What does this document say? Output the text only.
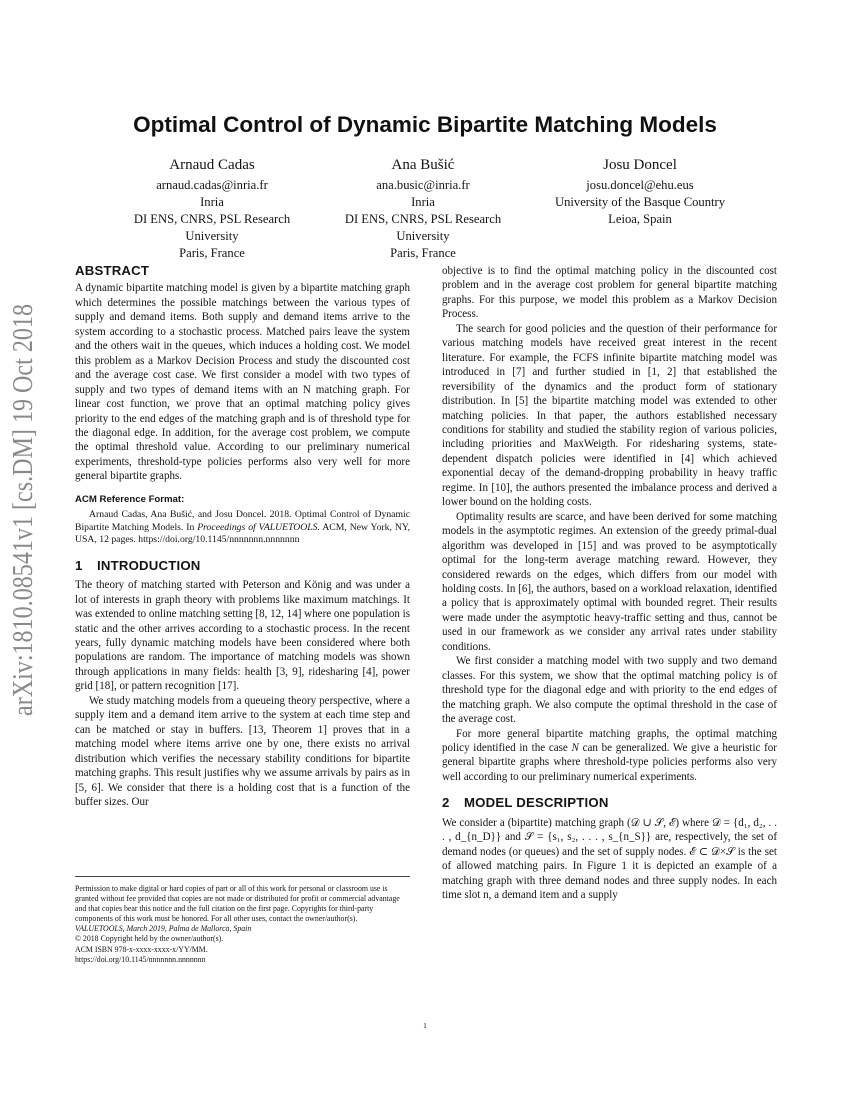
arXiv:1810.08541v1 [cs.DM] 19 Oct 2018
Optimal Control of Dynamic Bipartite Matching Models
Arnaud Cadas
arnaud.cadas@inria.fr
Inria
DI ENS, CNRS, PSL Research
University
Paris, France
Ana Bušić
ana.busic@inria.fr
Inria
DI ENS, CNRS, PSL Research
University
Paris, France
Josu Doncel
josu.doncel@ehu.eus
University of the Basque Country
Leioa, Spain
ABSTRACT

A dynamic bipartite matching model is given by a bipartite matching graph which determines the possible matchings between the various types of supply and demand items. Both supply and demand items arrive to the system according to a stochastic process. Matched pairs leave the system and the others wait in the queues, which induces a holding cost. We model this problem as a Markov Decision Process and study the discounted cost and the average cost case. We first consider a model with two types of supply and two types of demand items with an N matching graph. For linear cost function, we prove that an optimal matching policy gives priority to the end edges of the matching graph and is of threshold type for the diagonal edge. In addition, for the average cost problem, we compute the optimal threshold value. According to our preliminary numerical experiments, threshold-type policies performs also very well for more general bipartite graphs.

ACM Reference Format:

Arnaud Cadas, Ana Bušić, and Josu Doncel. 2018. Optimal Control of Dynamic Bipartite Matching Models. In Proceedings of VALUETOOLS. ACM, New York, NY, USA, 12 pages. https://doi.org/10.1145/nnnnnnn.nnnnnnn

1 INTRODUCTION

The theory of matching started with Peterson and König and was under a lot of interests in graph theory with problems like maximum matchings. It was extended to online matching setting [8, 12, 14] where one population is static and the other arrives according to a stochastic process. In the recent years, fully dynamic matching models have been considered where both populations are random. The importance of matching models was shown through applications in many fields: health [3, 9], ridesharing [4], power grid [18], or pattern recognition [17].

We study matching models from a queueing theory perspective, where a supply item and a demand item arrive to the system at each time step and can be matched or stay in buffers. [13, Theorem 1] proves that in a matching model where items arrive one by one, there exists no arrival distribution which verifies the necessary stability conditions for bipartite matching graphs. This result justifies why we assume arrivals by pairs as in [5, 6]. We consider that there is a holding cost that is a function of the buffer sizes. Our

objective is to find the optimal matching policy in the discounted cost problem and in the average cost problem for general bipartite matching graphs. For this purpose, we model this problem as a Markov Decision Process.

The search for good policies and the question of their performance for various matching models have received great interest in the recent literature. For example, the FCFS infinite bipartite matching model was introduced in [7] and further studied in [1, 2] that established the reversibility of the dynamics and the product form of stationary distribution. In [5] the bipartite matching model was extended to other matching policies. In that paper, the authors established necessary conditions for stability and studied the stability region of various policies, including priorities and MaxWeigth. For ridesharing systems, state-dependent dispatch policies were identified in [4] which achieved exponential decay of the demand-dropping probability in heavy traffic regime. In [10], the authors presented the imbalance process and derived a lower bound on the holding costs.

Optimality results are scarce, and have been derived for some matching models in the asymptotic regimes. An extension of the greedy primal-dual algorithm was developed in [15] and was proved to be asymptotically optimal for the long-term average matching reward. However, they considered rewards on the edges, which differs from our model with holding costs. In [6], the authors, based on a workload relaxation, identified a policy that is approximately optimal with bounded regret. Their results were made under the asymptotic heavy-traffic setting and thus, cannot be used in our framework as we consider any arrival rates under stability conditions.

We first consider a matching model with two supply and two demand classes. For this system, we show that the optimal matching policy is of threshold type for the diagonal edge and with priority to the end edges of the matching graph. We also compute the optimal threshold in the case of the average cost.

For more general bipartite matching graphs, the optimal matching policy identified in the case N can be generalized. We give a heuristic for general bipartite graphs where threshold-type policies performs also very well according to our preliminary numerical experiments.

2 MODEL DESCRIPTION

We consider a (bipartite) matching graph (𝒟 ∪ 𝒮, ℰ) where 𝒟 = {d₁, d₂, . . . , d_{n_D}} and 𝒮 = {s₁, s₂, . . . , s_{n_S}} are, respectively, the set of demand nodes (or queues) and the set of supply nodes. ℰ ⊂ 𝒟×𝒮 is the set of allowed matching pairs. In Figure 1 it is depicted an example of a matching graph with three demand nodes and three supply nodes. In each time slot n, a demand item and a supply

Permission to make digital or hard copies of part or all of this work for personal or classroom use is granted without fee provided that copies are not made or distributed for profit or commercial advantage and that copies bear this notice and the full citation on the first page. Copyrights for third-party components of this work must be honored. For all other uses, contact the owner/author(s).

VALUETOOLS, March 2019, Palma de Mallorca, Spain

© 2018 Copyright held by the owner/author(s).

ACM ISBN 978-x-xxxx-xxxx-x/YY/MM.

https://doi.org/10.1145/nnnnnnn.nnnnnnn

1
